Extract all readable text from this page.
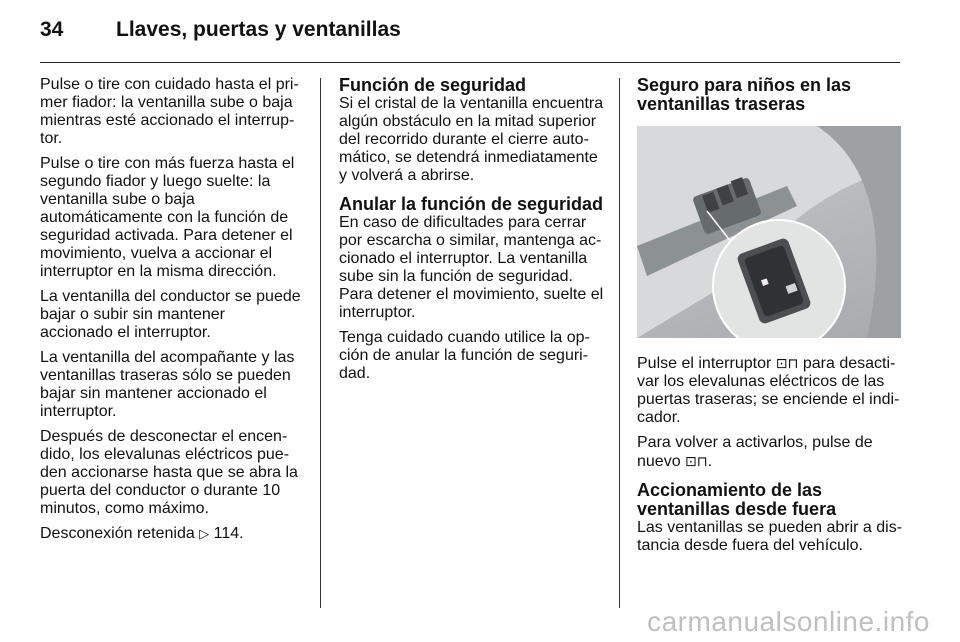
34	Llaves, puertas y ventanillas

Pulse o tire con cuidado hasta el primer fiador: la ventanilla sube o baja mientras esté accionado el interruptor.

Pulse o tire con más fuerza hasta el segundo fiador y luego suelte: la ventanilla sube o baja automáticamente con la función de seguridad activada. Para detener el movimiento, vuelva a accionar el interruptor en la misma dirección.

La ventanilla del conductor se puede bajar o subir sin mantener accionado el interruptor.

La ventanilla del acompañante y las ventanillas traseras sólo se pueden bajar sin mantener accionado el interruptor.

Después de desconectar el encendido, los elevalunas eléctricos pueden accionarse hasta que se abra la puerta del conductor o durante 10 minutos, como máximo.

Desconexión retenida ▷ 114.

Función de seguridad

Si el cristal de la ventanilla encuentra algún obstáculo en la mitad superior del recorrido durante el cierre automático, se detendrá inmediatamente y volverá a abrirse.

Anular la función de seguridad

En caso de dificultades para cerrar por escarcha o similar, mantenga accionado el interruptor. La ventanilla sube sin la función de seguridad. Para detener el movimiento, suelte el interruptor.

Tenga cuidado cuando utilice la opción de anular la función de seguridad.

Seguro para niños en las ventanillas traseras

Pulse el interruptor ⊡⊓ para desactivar los elevalunas eléctricos de las puertas traseras; se enciende el indicador.

Para volver a activarlos, pulse de nuevo ⊡⊓.

Accionamiento de las ventanillas desde fuera

Las ventanillas se pueden abrir a distancia desde fuera del vehículo.

carmanualsonline.info
